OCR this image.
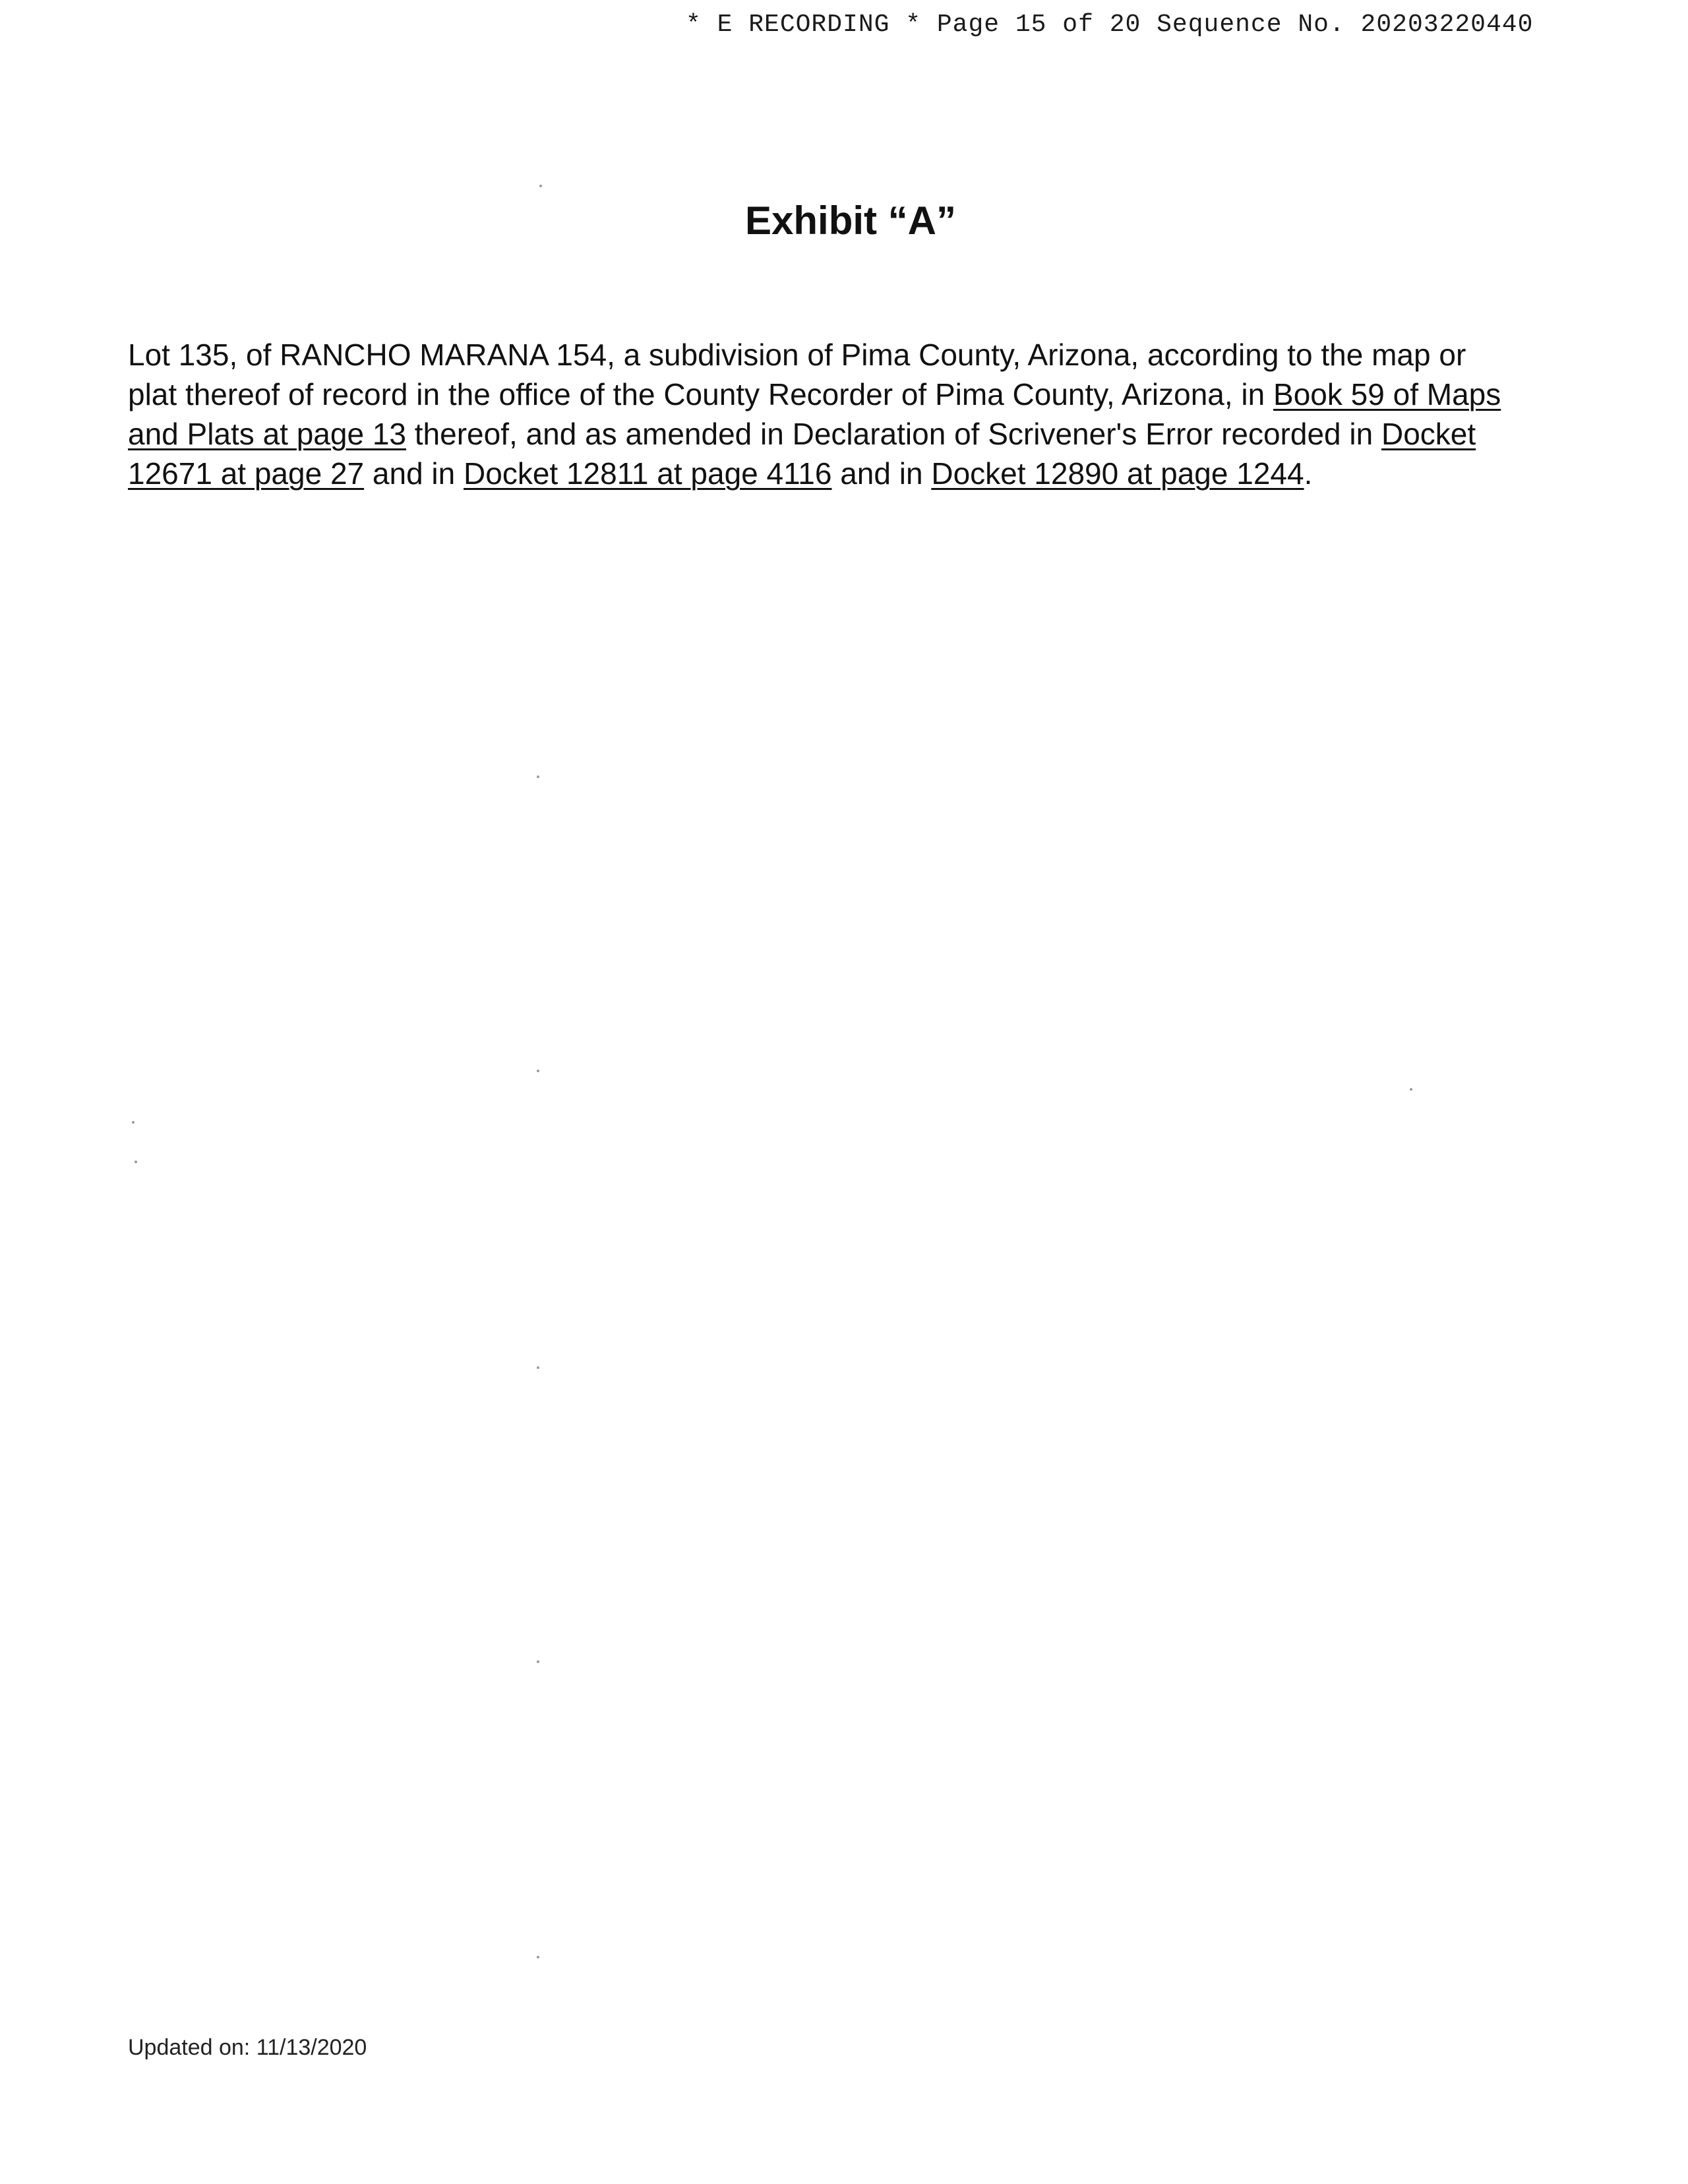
* E RECORDING * Page 15 of 20 Sequence No. 20203220440
Exhibit “A”
Lot 135, of RANCHO MARANA 154, a subdivision of Pima County, Arizona, according to the map or plat thereof of record in the office of the County Recorder of Pima County, Arizona, in Book 59 of Maps and Plats at page 13 thereof, and as amended in Declaration of Scrivener's Error recorded in Docket 12671 at page 27 and in Docket 12811 at page 4116 and in Docket 12890 at page 1244.
Updated on: 11/13/2020
